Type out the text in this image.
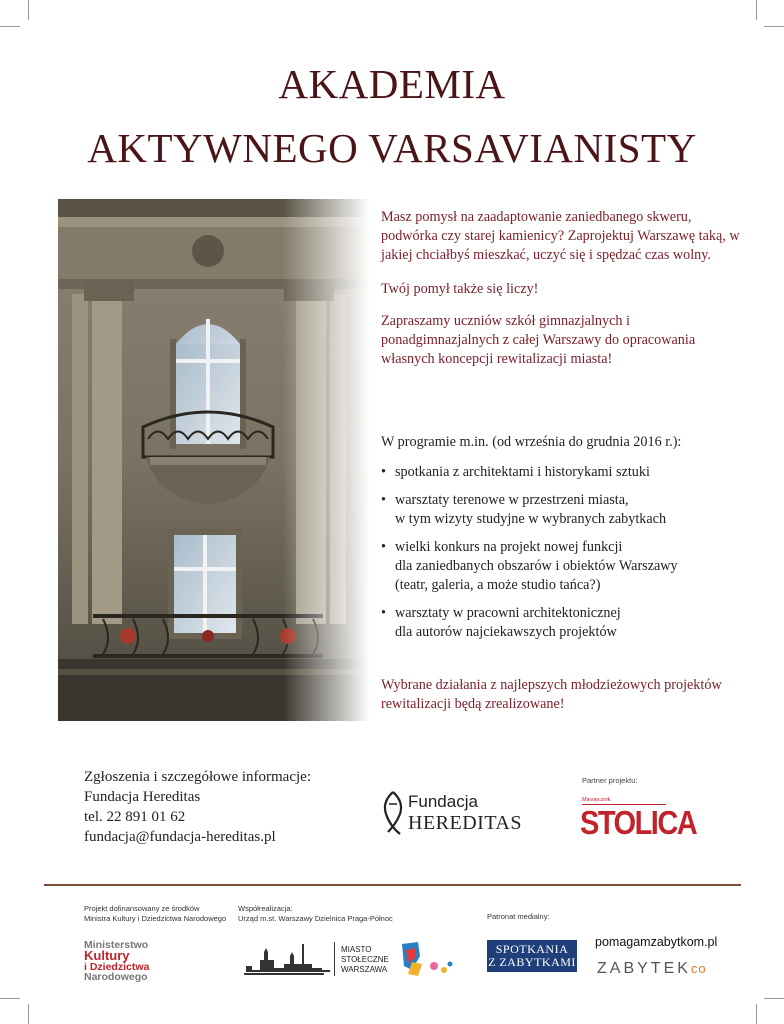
AKADEMIA
AKTYWNEGO VARSAVIANISTY

Masz pomysł na zaadaptowanie zaniedbanego skweru, podwórka czy starej kamienicy? Zaprojektuj Warszawę taką, w jakiej chciałbyś mieszkać, uczyć się i spędzać czas wolny.

Twój pomył także się liczy!

Zapraszamy uczniów szkół gimnazjalnych i ponadgimnazjalnych z całej Warszawy do opracowania własnych koncepcji rewitalizacji miasta!

W programie m.in. (od września do grudnia 2016 r.):
• spotkania z architektami i historykami sztuki
• warsztaty terenowe w przestrzeni miasta,
w tym wizyty studyjne w wybranych zabytkach
• wielki konkurs na projekt nowej funkcji
dla zaniedbanych obszarów i obiektów Warszawy
(teatr, galeria, a może studio tańca?)
• warsztaty w pracowni architektonicznej
dla autorów najciekawszych projektów
Wybrane działania z najlepszych młodzieżowych projektów rewitalizacji będą zrealizowane!
Zgłoszenia i szczegółowe informacje:
Fundacja Hereditas
tel. 22 891 01 62
fundacja@fundacja-hereditas.pl
Fundacja
HEREDITAS
Partner projektu:
Miesięcznik
STOLICA
Projekt dofinansowany ze środków
Ministra Kultury i Dziedzictwa Narodowego
Ministerstwo
Kultury
i Dziedzictwa
Narodowego
Współrealizacja:
Urząd m.st. Warszawy Dzielnica Praga-Północ
MIASTO
STOŁECZNE
WARSZAWA
Patronat medialny:
SPOTKANIA
Z ZABYTKAMI
pomagamzabytkom.pl
ZABYTEKco
